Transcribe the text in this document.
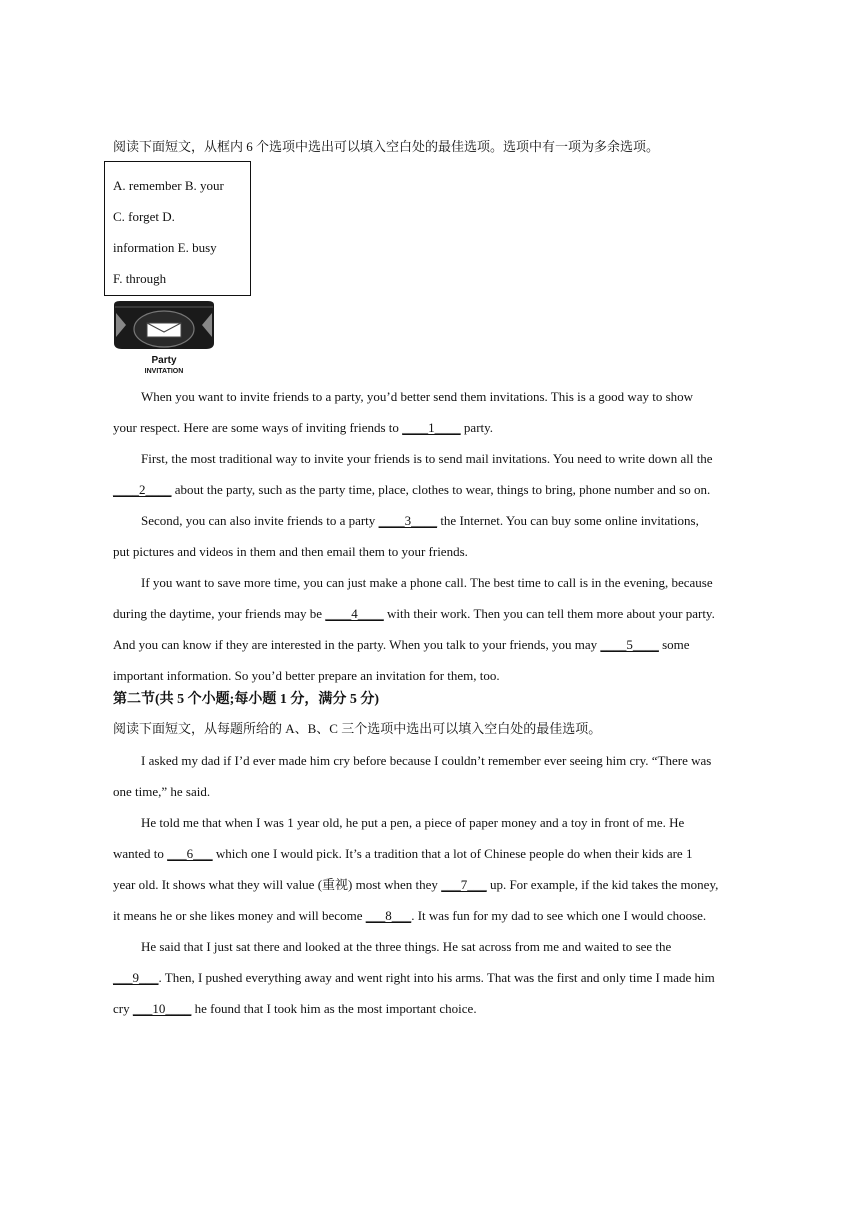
阅读下面短文，从框内 6 个选项中选出可以填入空白处的最佳选项。选项中有一项为多余选项。
A. remember B. your
C. forget D.
information E. busy
F. through
Party
INVITATION
When you want to invite friends to a party, you’d better send them invitations. This is a good way to show
your respect. Here are some ways of inviting friends to ____1____ party.
First, the most traditional way to invite your friends is to send mail invitations. You need to write down all the
____2____ about the party, such as the party time, place, clothes to wear, things to bring, phone number and so on.
Second, you can also invite friends to a party ____3____ the Internet. You can buy some online invitations,
put pictures and videos in them and then email them to your friends.
If you want to save more time, you can just make a phone call. The best time to call is in the evening, because
during the daytime, your friends may be ____4____ with their work. Then you can tell them more about your party.
And you can know if they are interested in the party. When you talk to your friends, you may ____5____ some
important information. So you’d better prepare an invitation for them, too.
第二节(共 5 个小题;每小题 1 分，满分 5 分)
阅读下面短文，从每题所给的 A、B、C 三个选项中选出可以填入空白处的最佳选项。
I asked my dad if I’d ever made him cry before because I couldn’t remember ever seeing him cry. “There was
one time,” he said.
He told me that when I was 1 year old, he put a pen, a piece of paper money and a toy in front of me. He
wanted to ___6___ which one I would pick. It’s a tradition that a lot of Chinese people do when their kids are 1
year old. It shows what they will value (重视) most when they ___7___ up. For example, if the kid takes the money,
it means he or she likes money and will become ___8___. It was fun for my dad to see which one I would choose.
He said that I just sat there and looked at the three things. He sat across from me and waited to see the
___9___. Then, I pushed everything away and went right into his arms. That was the first and only time I made him
cry ___10____ he found that I took him as the most important choice.
